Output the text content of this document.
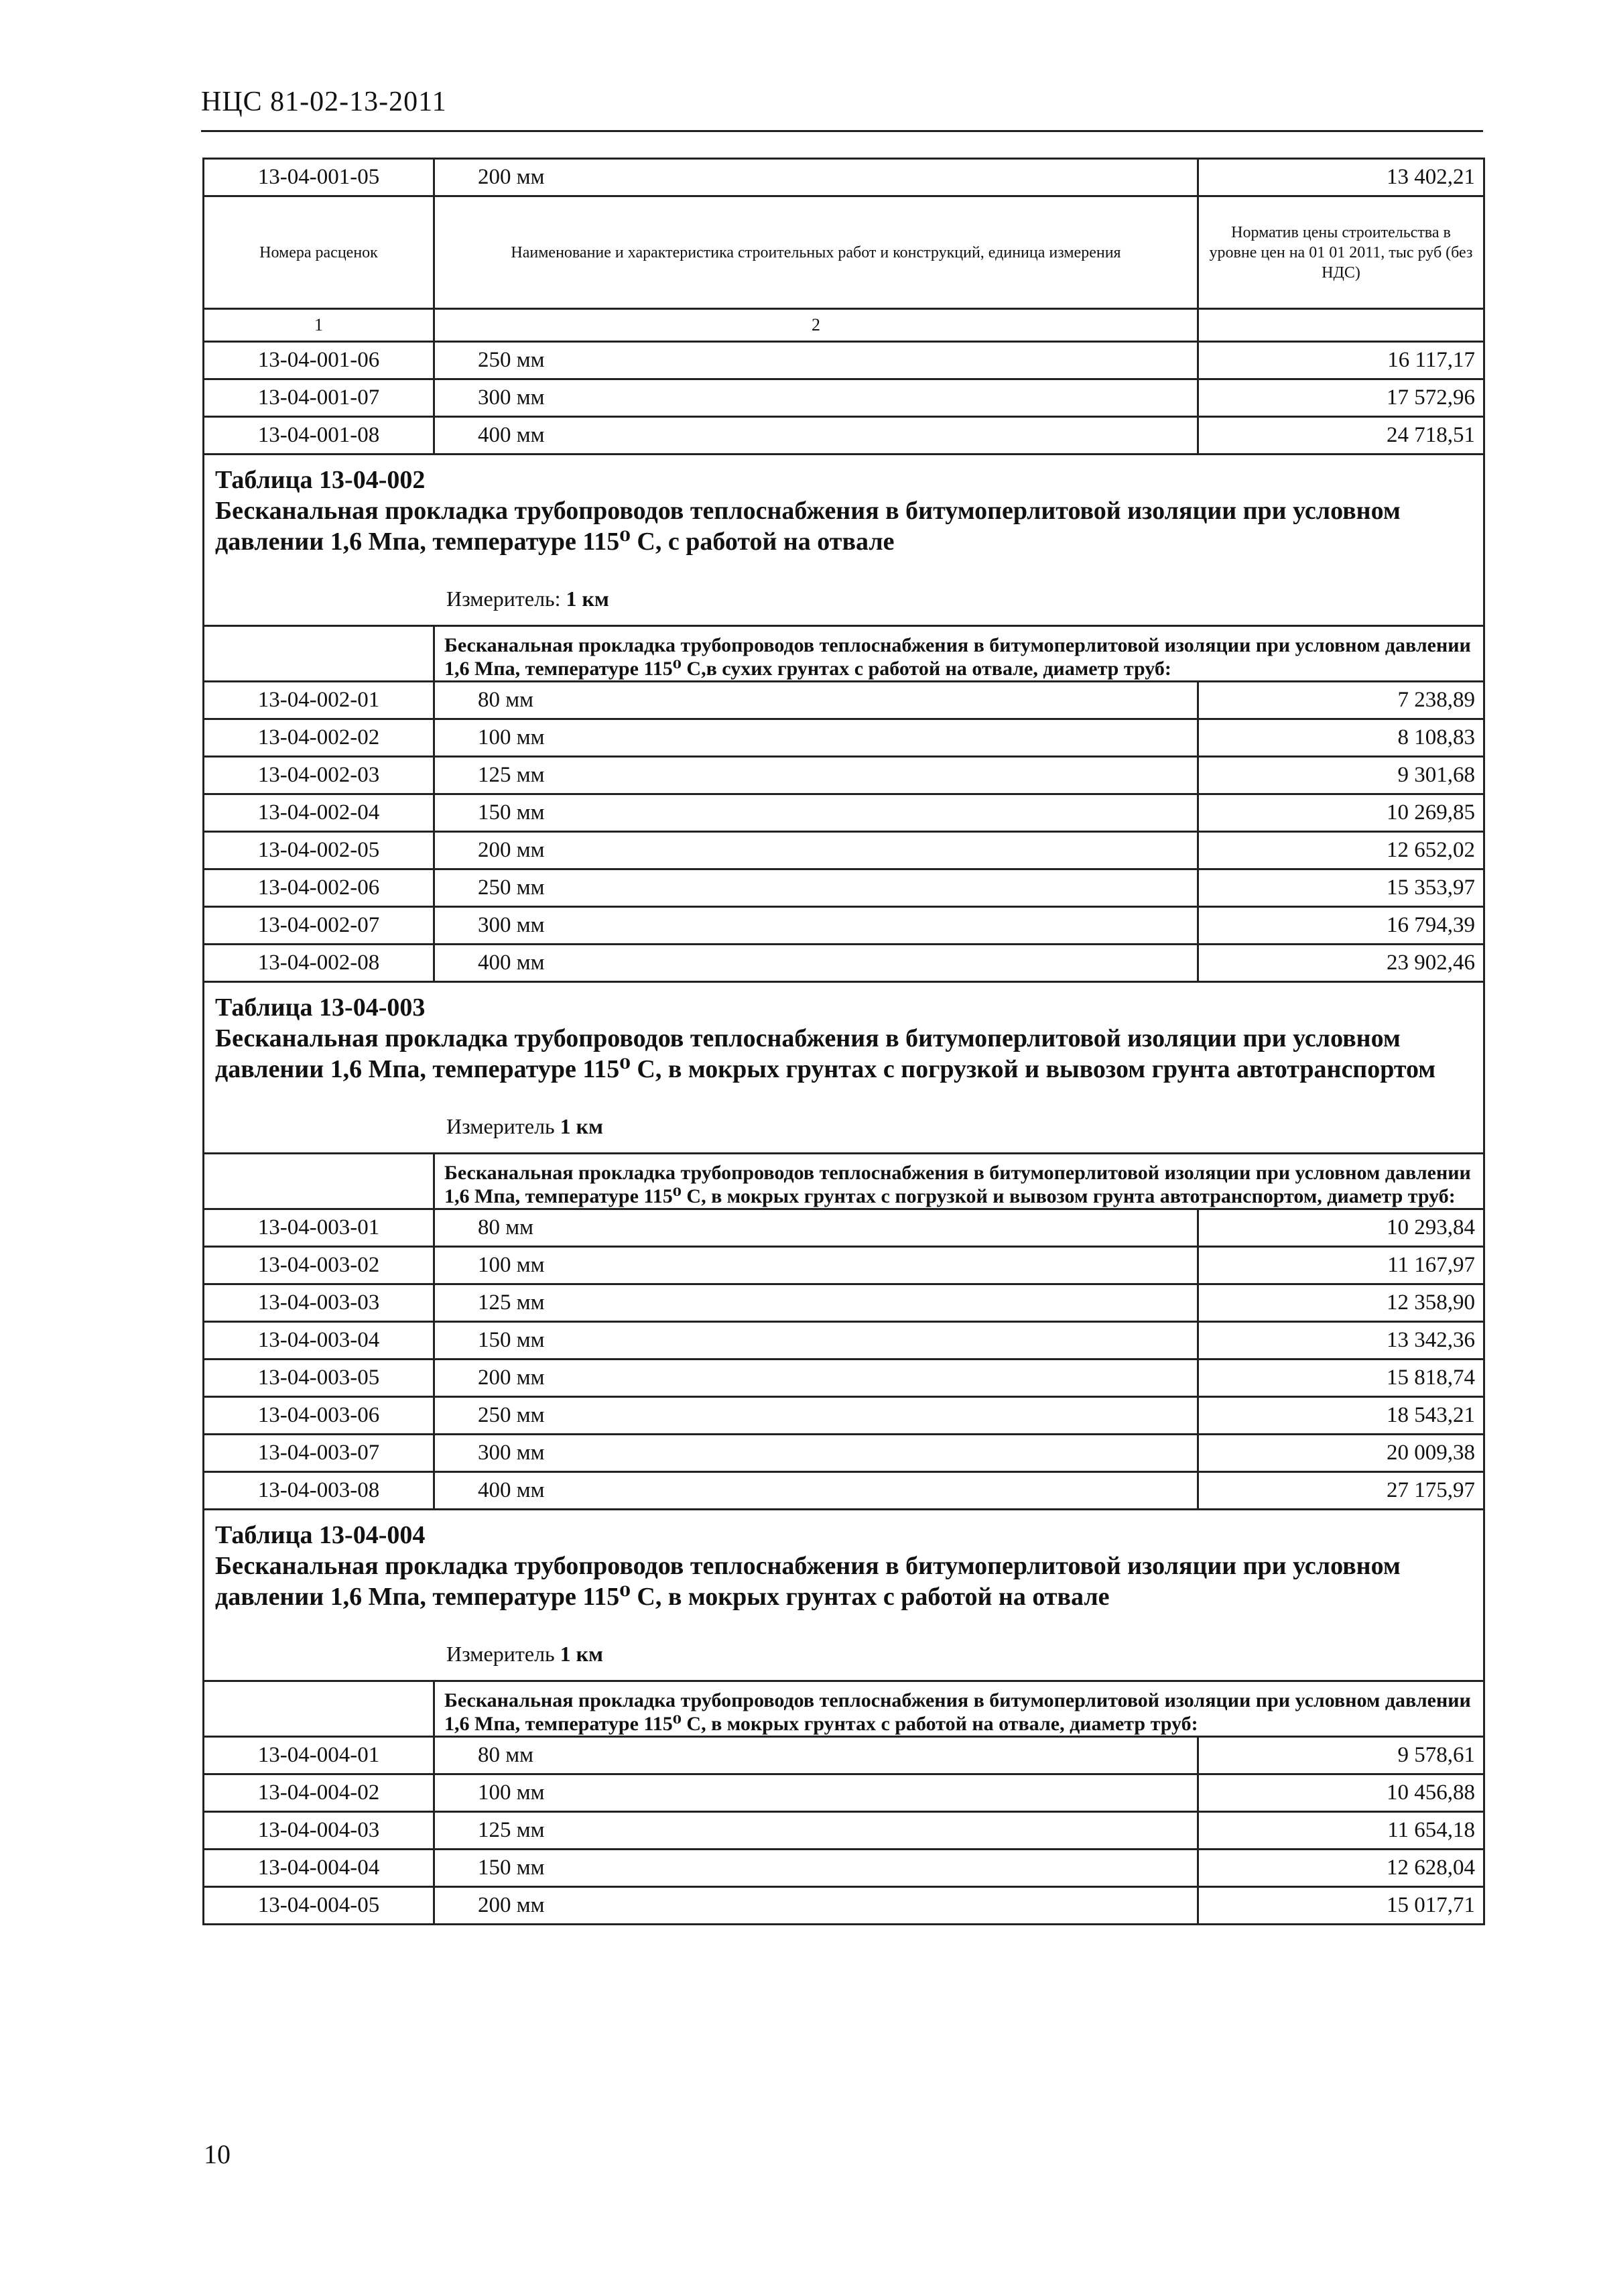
НЦС 81-02-13-2011
13-04-001-05	200 мм	13 402,21
Номера расценок	Наименование и характеристика строительных работ и конструкций, единица измерения	Норматив цены строительства в уровне цен на 01 01 2011, тыс руб (без НДС)
1	2	
13-04-001-06	250 мм	16 117,17
13-04-001-07	300 мм	17 572,96
13-04-001-08	400 мм	24 718,51

Таблица 13-04-002
Бесканальная прокладка трубопроводов теплоснабжения в битумоперлитовой изоляции при условном давлении 1,6 Мпа, температуре 115⁰ С, с работой на отвале
Измеритель: 1 км		

	Бесканальная прокладка трубопроводов теплоснабжения в битумоперлитовой изоляции при условном давлении 1,6 Мпа, температуре 115⁰ С,в сухих грунтах с работой на отвале, диаметр труб:	
13-04-002-01	80 мм	7 238,89
13-04-002-02	100 мм	8 108,83
13-04-002-03	125 мм	9 301,68
13-04-002-04	150 мм	10 269,85
13-04-002-05	200 мм	12 652,02
13-04-002-06	250 мм	15 353,97
13-04-002-07	300 мм	16 794,39
13-04-002-08	400 мм	23 902,46

Таблица 13-04-003
Бесканальная прокладка трубопроводов теплоснабжения в битумоперлитовой изоляции при условном давлении 1,6 Мпа, температуре 115⁰ С, в мокрых грунтах с погрузкой и вывозом грунта автотранспортом
Измеритель 1 км		

	Бесканальная прокладка трубопроводов теплоснабжения в битумоперлитовой изоляции при условном давлении 1,6 Мпа, температуре 115⁰ С, в мокрых грунтах с погрузкой и вывозом грунта автотранспортом, диаметр труб:	
13-04-003-01	80 мм	10 293,84
13-04-003-02	100 мм	11 167,97
13-04-003-03	125 мм	12 358,90
13-04-003-04	150 мм	13 342,36
13-04-003-05	200 мм	15 818,74
13-04-003-06	250 мм	18 543,21
13-04-003-07	300 мм	20 009,38
13-04-003-08	400 мм	27 175,97

Таблица 13-04-004
Бесканальная прокладка трубопроводов теплоснабжения в битумоперлитовой изоляции при условном давлении 1,6 Мпа, температуре 115⁰ С, в мокрых грунтах с работой на отвале
Измеритель 1 км		

	Бесканальная прокладка трубопроводов теплоснабжения в битумоперлитовой изоляции при условном давлении 1,6 Мпа, температуре 115⁰ С, в мокрых грунтах с работой на отвале, диаметр труб:	
13-04-004-01	80 мм	9 578,61
13-04-004-02	100 мм	10 456,88
13-04-004-03	125 мм	11 654,18
13-04-004-04	150 мм	12 628,04
13-04-004-05	200 мм	15 017,71
10
